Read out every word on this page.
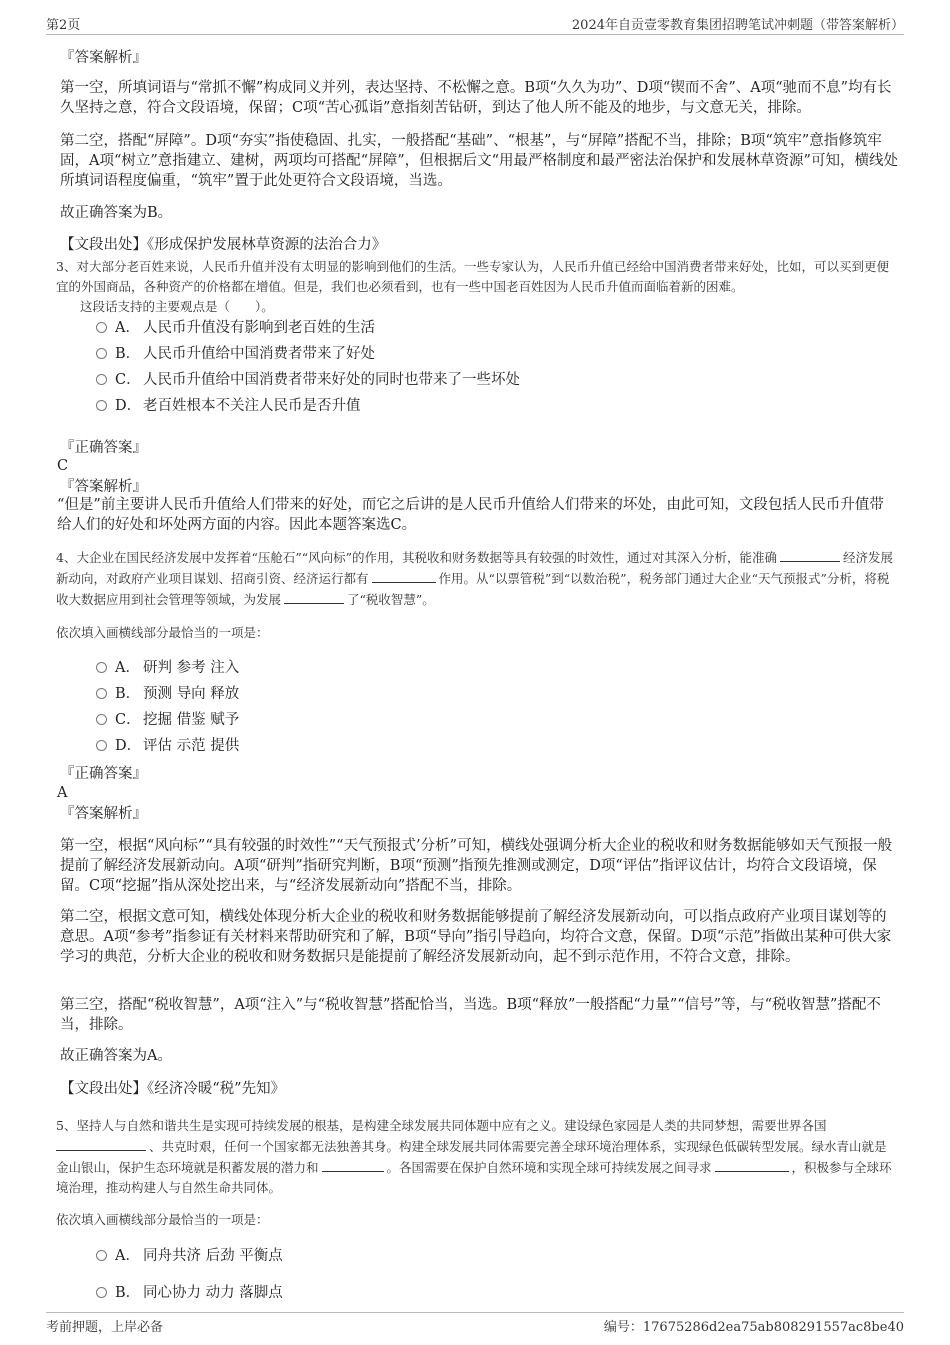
第2页	2024年自贡壹零教育集团招聘笔试冲刺题（带答案解析）
『答案解析』

第一空，所填词语与“常抓不懈”构成同义并列，表达坚持、不松懈之意。B项“久久为功”、D项“锲而不舍”、A项“驰而不息”均有长久坚持之意，符合文段语境，保留；C项“苦心孤诣”意指刻苦钻研，到达了他人所不能及的地步，与文意无关，排除。

第二空，搭配“屏障”。D项“夯实”指使稳固、扎实，一般搭配“基础”、“根基”，与“屏障”搭配不当，排除；B项“筑牢”意指修筑牢固，A项“树立”意指建立、建树，两项均可搭配“屏障”，但根据后文“用最严格制度和最严密法治保护和发展林草资源”可知，横线处所填词语程度偏重，“筑牢”置于此处更符合文段语境，当选。

故正确答案为B。

【文段出处】《形成保护发展林草资源的法治合力》

3、对大部分老百姓来说，人民币升值并没有太明显的影响到他们的生活。一些专家认为，人民币升值已经给中国消费者带来好处，比如，可以买到更便宜的外国商品，各种资产的价格都在增值。但是，我们也必须看到，也有一些中国老百姓因为人民币升值而面临着新的困难。

这段话支持的主要观点是（　　）。

A． 人民币升值没有影响到老百姓的生活
B． 人民币升值给中国消费者带来了好处
C． 人民币升值给中国消费者带来好处的同时也带来了一些坏处
D． 老百姓根本不关注人民币是否升值
『正确答案』
C
『答案解析』

“但是”前主要讲人民币升值给人们带来的好处，而它之后讲的是人民币升值给人们带来的坏处，由此可知，文段包括人民币升值带给人们的好处和坏处两方面的内容。因此本题答案选C。

4、大企业在国民经济发展中发挥着“压舱石”“风向标”的作用，其税收和财务数据等具有较强的时效性，通过对其深入分析，能准确	经济发展新动向，对政府产业项目谋划、招商引资、经济运行都有	作用。从“以票管税”到“以数治税”，税务部门通过大企业“天气预报式”分析，将税收大数据应用到社会管理等领域，为发展	了“税收智慧”。

依次填入画横线部分最恰当的一项是：

A． 研判 参考 注入
B． 预测 导向 释放
C． 挖掘 借鉴 赋予
D． 评估 示范 提供
『正确答案』
A
『答案解析』

第一空，根据“风向标”“具有较强的时效性”“天气预报式’分析”可知，横线处强调分析大企业的税收和财务数据能够如天气预报一般提前了解经济发展新动向。A项“研判”指研究判断，B项“预测”指预先推测或测定，D项“评估”指评议估计，均符合文段语境，保留。C项“挖掘”指从深处挖出来，与“经济发展新动向”搭配不当，排除。

第二空，根据文意可知，横线处体现分析大企业的税收和财务数据能够提前了解经济发展新动向，可以指点政府产业项目谋划等的意思。A项“参考”指参证有关材料来帮助研究和了解，B项“导向”指引导趋向，均符合文意，保留。D项“示范”指做出某种可供大家学习的典范，分析大企业的税收和财务数据只是能提前了解经济发展新动向，起不到示范作用，不符合文意，排除。

第三空，搭配“税收智慧”，A项“注入”与“税收智慧”搭配恰当，当选。B项“释放”一般搭配“力量”“信号”等，与“税收智慧”搭配不当，排除。

故正确答案为A。

【文段出处】《经济冷暖“税”先知》

5、坚持人与自然和谐共生是实现可持续发展的根基，是构建全球发展共同体题中应有之义。建设绿色家园是人类的共同梦想，需要世界各国、共克时艰，任何一个国家都无法独善其身。构建全球发展共同体需要完善全球环境治理体系，实现绿色低碳转型发展。绿水青山就是金山银山，保护生态环境就是积蓄发展的潜力和	。各国需要在保护自然环境和实现全球可持续发展之间寻求	，积极参与全球环境治理，推动构建人与自然生命共同体。

依次填入画横线部分最恰当的一项是：

A． 同舟共济 后劲 平衡点
B． 同心协力 动力 落脚点
考前押题，上岸必备	编号：17675286d2ea75ab808291557ac8be40
